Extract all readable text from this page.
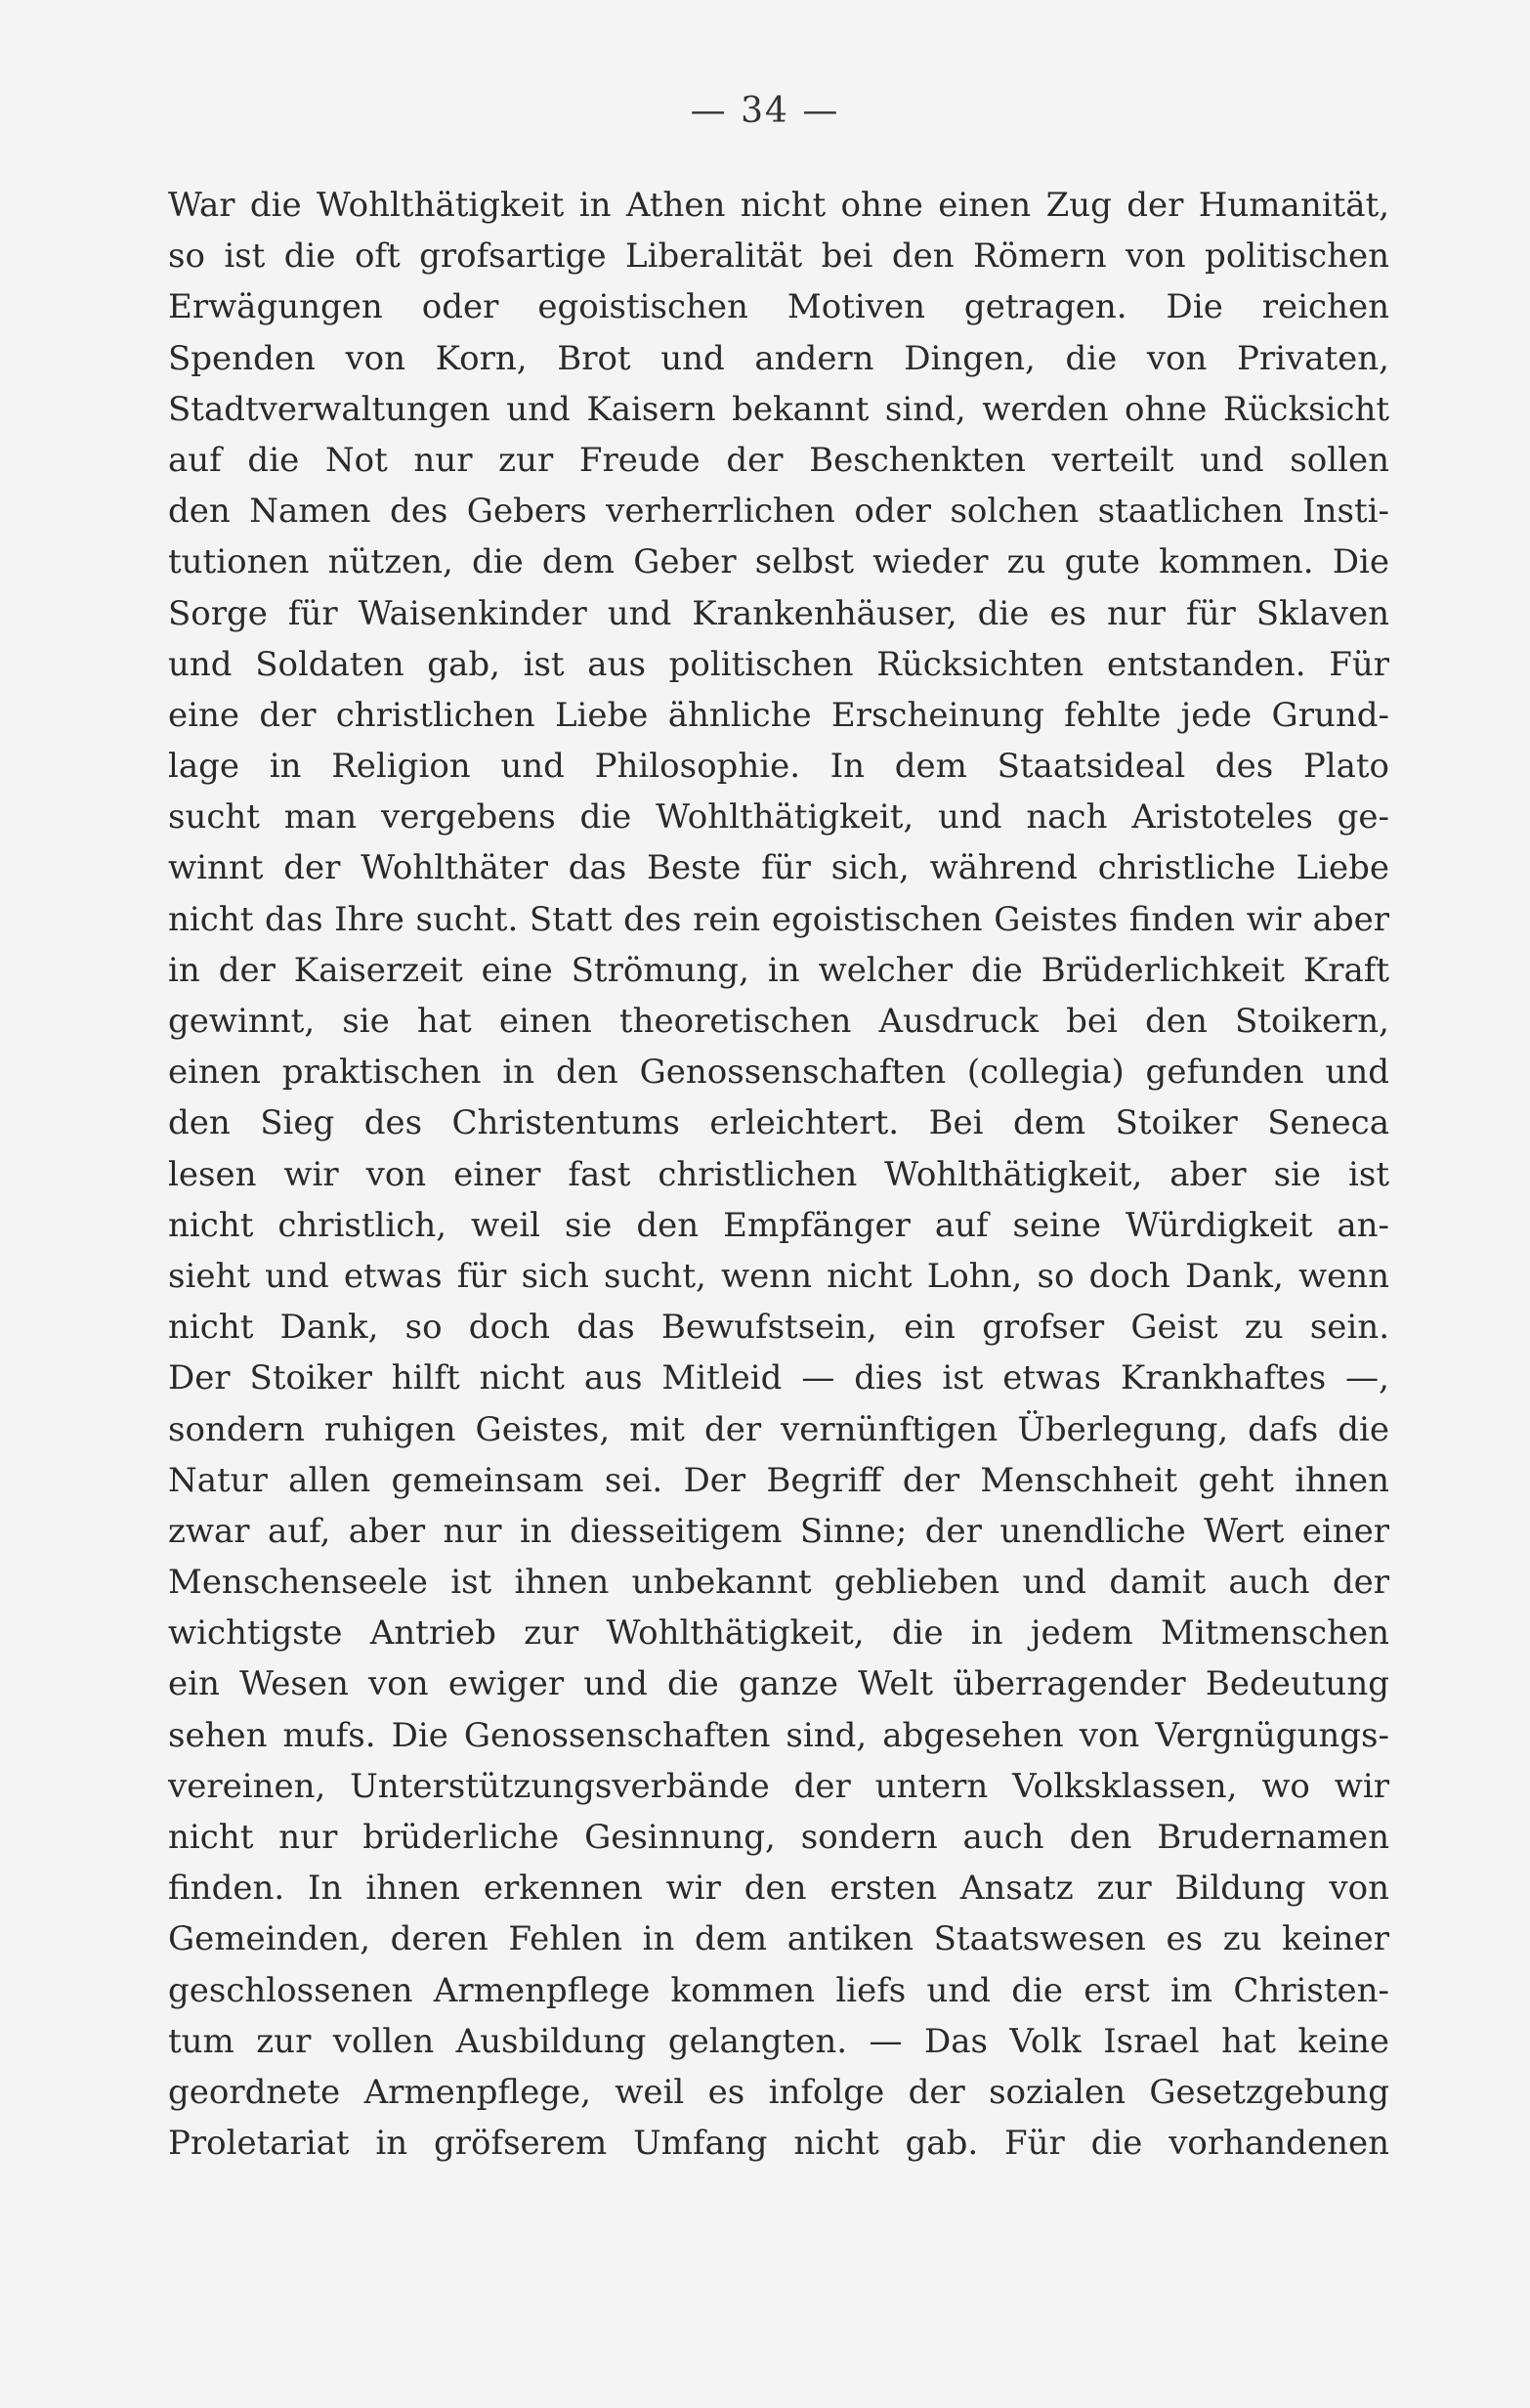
— 34 —
War die Wohlthätigkeit in Athen nicht ohne einen Zug der Humanität,
so ist die oft grofsartige Liberalität bei den Römern von politischen
Erwägungen oder egoistischen Motiven getragen. Die reichen
Spenden von Korn, Brot und andern Dingen, die von Privaten,
Stadtverwaltungen und Kaisern bekannt sind, werden ohne Rücksicht
auf die Not nur zur Freude der Beschenkten verteilt und sollen
den Namen des Gebers verherrlichen oder solchen staatlichen Insti-
tutionen nützen, die dem Geber selbst wieder zu gute kommen. Die
Sorge für Waisenkinder und Krankenhäuser, die es nur für Sklaven
und Soldaten gab, ist aus politischen Rücksichten entstanden. Für
eine der christlichen Liebe ähnliche Erscheinung fehlte jede Grund-
lage in Religion und Philosophie. In dem Staatsideal des Plato
sucht man vergebens die Wohlthätigkeit, und nach Aristoteles ge-
winnt der Wohlthäter das Beste für sich, während christliche Liebe
nicht das Ihre sucht. Statt des rein egoistischen Geistes finden wir aber
in der Kaiserzeit eine Strömung, in welcher die Brüderlichkeit Kraft
gewinnt, sie hat einen theoretischen Ausdruck bei den Stoikern,
einen praktischen in den Genossenschaften (collegia) gefunden und
den Sieg des Christentums erleichtert. Bei dem Stoiker Seneca
lesen wir von einer fast christlichen Wohlthätigkeit, aber sie ist
nicht christlich, weil sie den Empfänger auf seine Würdigkeit an-
sieht und etwas für sich sucht, wenn nicht Lohn, so doch Dank, wenn
nicht Dank, so doch das Bewufstsein, ein grofser Geist zu sein.
Der Stoiker hilft nicht aus Mitleid — dies ist etwas Krankhaftes —,
sondern ruhigen Geistes, mit der vernünftigen Überlegung, dafs die
Natur allen gemeinsam sei. Der Begriff der Menschheit geht ihnen
zwar auf, aber nur in diesseitigem Sinne; der unendliche Wert einer
Menschenseele ist ihnen unbekannt geblieben und damit auch der
wichtigste Antrieb zur Wohlthätigkeit, die in jedem Mitmenschen
ein Wesen von ewiger und die ganze Welt überragender Bedeutung
sehen mufs. Die Genossenschaften sind, abgesehen von Vergnügungs-
vereinen, Unterstützungsverbände der untern Volksklassen, wo wir
nicht nur brüderliche Gesinnung, sondern auch den Brudernamen
finden. In ihnen erkennen wir den ersten Ansatz zur Bildung von
Gemeinden, deren Fehlen in dem antiken Staatswesen es zu keiner
geschlossenen Armenpflege kommen liefs und die erst im Christen-
tum zur vollen Ausbildung gelangten. — Das Volk Israel hat keine
geordnete Armenpflege, weil es infolge der sozialen Gesetzgebung
Proletariat in gröfserem Umfang nicht gab. Für die vorhandenen
